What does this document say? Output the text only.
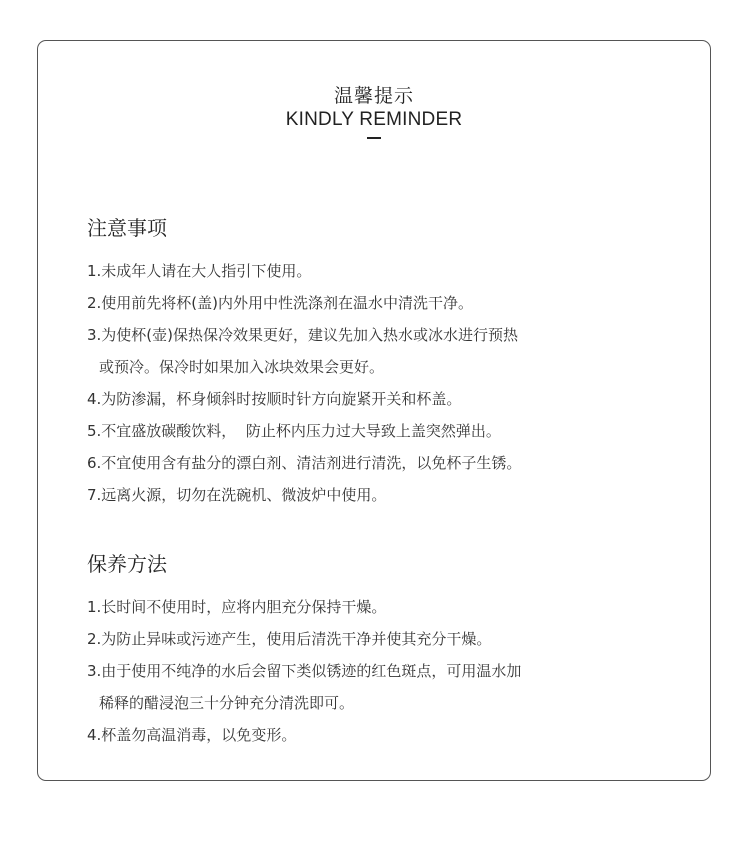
温馨提示
KINDLY REMINDER
注意事项
1.未成年人请在大人指引下使用。
2.使用前先将杯(盖)内外用中性洗涤剂在温水中清洗干净。
3.为使杯(壶)保热保冷效果更好，建议先加入热水或冰水进行预热
或预冷。保冷时如果加入冰块效果会更好。
4.为防渗漏，杯身倾斜时按顺时针方向旋紧开关和杯盖。
5.不宜盛放碳酸饮料，  防止杯内压力过大导致上盖突然弹出。
6.不宜使用含有盐分的漂白剂、清洁剂进行清洗，以免杯子生锈。
7.远离火源，切勿在洗碗机、微波炉中使用。
保养方法
1.长时间不使用时，应将内胆充分保持干燥。
2.为防止异味或污迹产生，使用后清洗干净并使其充分干燥。
3.由于使用不纯净的水后会留下类似锈迹的红色斑点，可用温水加
稀释的醋浸泡三十分钟充分清洗即可。
4.杯盖勿高温消毒，以免变形。
